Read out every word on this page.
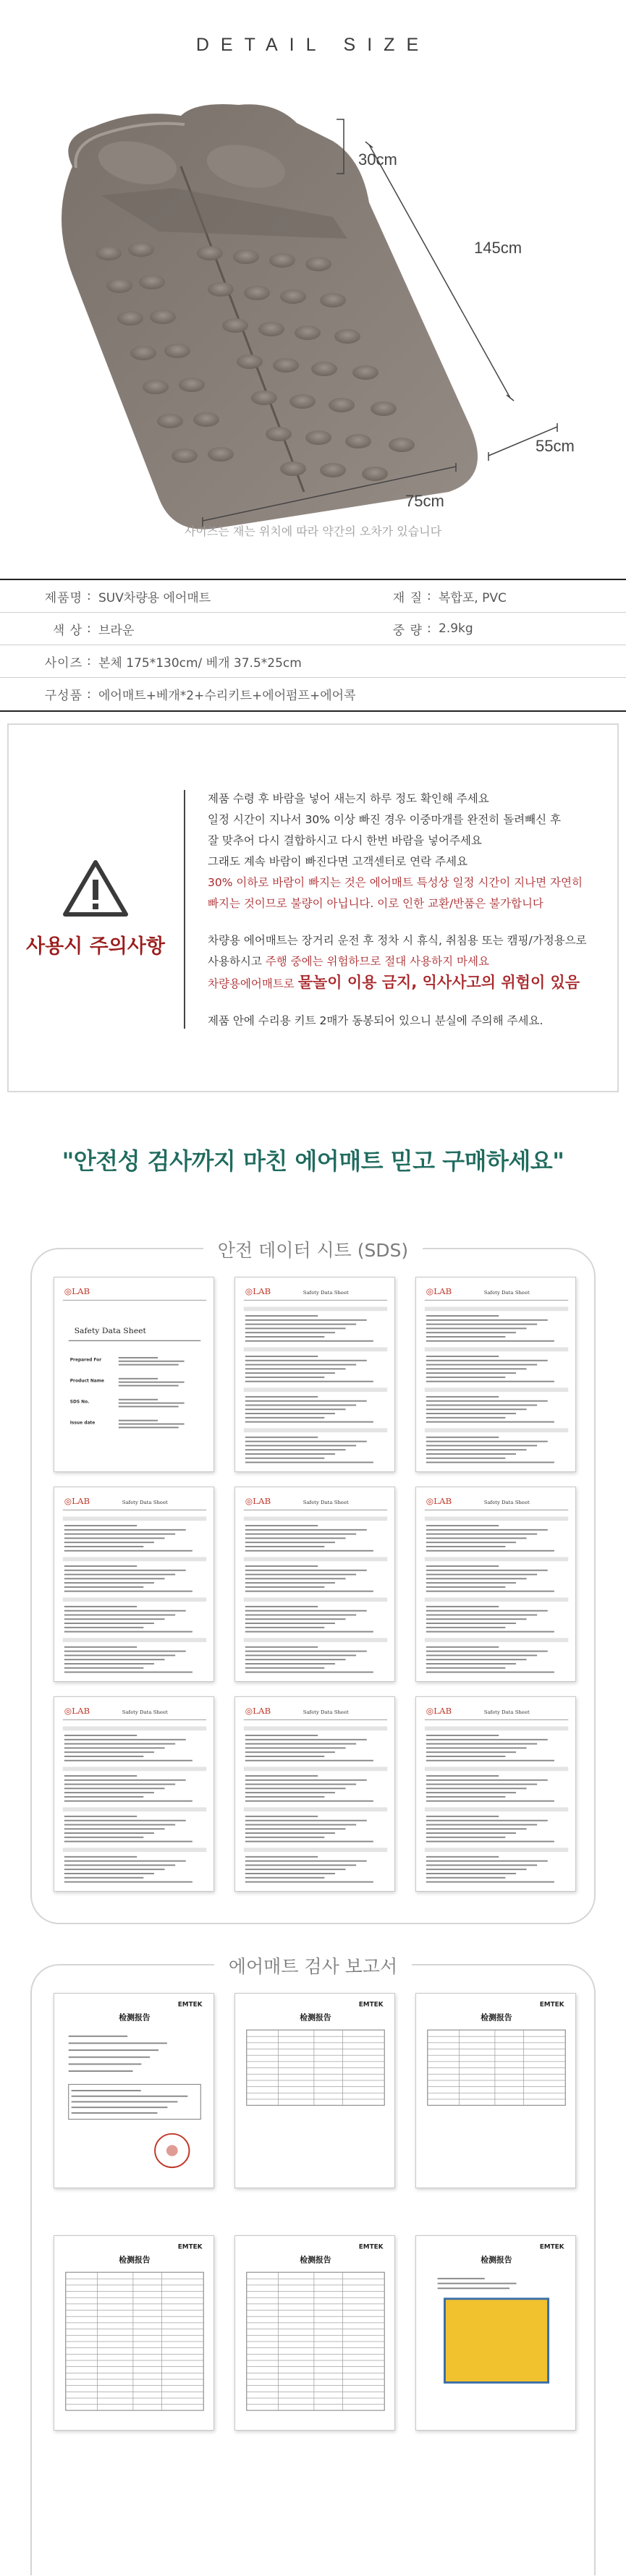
DETAIL SIZE
30cm
145cm
55cm
75cm
사이즈는 재는 위치에 따라 약간의 오차가 있습니다
제품명 : SUV차량용 에어매트	재 질 : 복합포, PVC
색 상 : 브라운	중 량 : 2.9kg
사이즈 : 본체 175*130cm/ 베개 37.5*25cm
구성품 : 에어매트+베개*2+수리키트+에어펌프+에어콕
사용시 주의사항

제품 수령 후 바람을 넣어 새는지 하루 정도 확인해 주세요

일정 시간이 지나서 30% 이상 빠진 경우 이중마개를 완전히 돌려빼신 후

잘 맞추어 다시 결합하시고 다시 한번 바람을 넣어주세요

그래도 계속 바람이 빠진다면 고객센터로 연락 주세요

30% 이하로 바람이 빠지는 것은 에어매트 특성상 일정 시간이 지나면 자연히

빠지는 것이므로 불량이 아닙니다. 이로 인한 교환/반품은 불가합니다

차량용 에어매트는 장거리 운전 후 정차 시 휴식, 취침용 또는 캠핑/가정용으로

사용하시고 주행 중에는 위험하므로 절대 사용하지 마세요

차량용에어매트로 물놀이 이용 금지, 익사사고의 위험이 있음

제품 안에 수리용 키트 2매가 동봉되어 있으니 분실에 주의해 주세요.

"안전성 검사까지 마친 에어매트 믿고 구매하세요"
안전 데이터 시트 (SDS)
◎LAB
Safety Data Sheet
Prepared For
Product Name
SDS No.
Issue date
◎LAB	Safety Data Sheet	◎LAB	Safety Data Sheet
◎LAB	Safety Data Sheet	◎LAB	Safety Data Sheet	◎LAB	Safety Data Sheet
◎LAB	Safety Data Sheet	◎LAB	Safety Data Sheet	◎LAB	Safety Data Sheet
에어매트 검사 보고서
EMTEK
检测报告
EMTEK
检测报告
EMTEK
检测报告
EMTEK
检测报告
EMTEK
检测报告
EMTEK
检测报告
